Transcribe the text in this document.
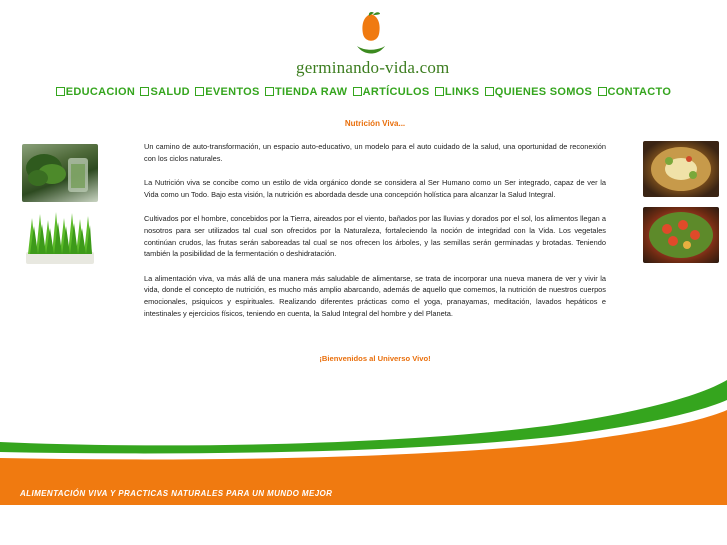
germinando-vida.com
EDUCACION SALUD EVENTOS TIENDA RAW ARTÍCULOS LINKS QUIENES SOMOS CONTACTO
Nutrición Viva...

Un camino de auto-transformación, un espacio auto-educativo, un modelo para el auto cuidado de la salud, una oportunidad de reconexión con los ciclos naturales.

La Nutrición viva se concibe como un estilo de vida orgánico donde se considera al Ser Humano como un Ser integrado, capaz de ver la Vida como un Todo. Bajo esta visión, la nutrición es abordada desde una concepción holística para alcanzar la Salud Integral.

Cultivados por el hombre, concebidos por la Tierra, aireados por el viento, bañados por las lluvias y dorados por el sol, los alimentos llegan a nosotros para ser utilizados tal cual son ofrecidos por la Naturaleza, fortaleciendo la noción de integridad con la Vida. Los vegetales continúan crudos, las frutas serán saboreadas tal cual se nos ofrecen los árboles, y las semillas serán germinadas y brotadas. Teniendo también la posibilidad de la fermentación o deshidratación.

La alimentación viva, va más allá de una manera más saludable de alimentarse, se trata de incorporar una nueva manera de ver y vivir la vida, donde el concepto de nutrición, es mucho más amplio abarcando, además de aquello que comemos, la nutrición de nuestros cuerpos emocionales, psiquicos y espirituales. Realizando diferentes prácticas como el yoga, pranayamas, meditación, lavados hepáticos e intestinales y ejercicios físicos, teniendo en cuenta, la Salud Integral del hombre y del Planeta.

¡Bienvenidos al Universo Vivo!
ALIMENTACIÓN VIVA Y PRACTICAS NATURALES PARA UN MUNDO MEJOR
